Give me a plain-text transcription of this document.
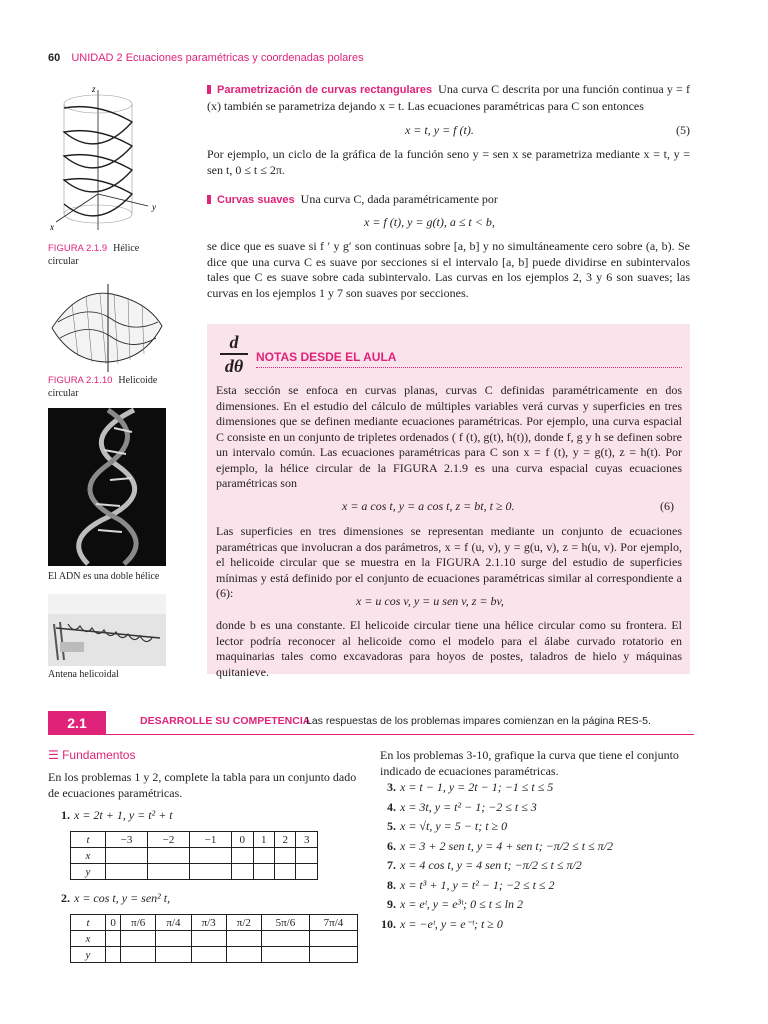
60 UNIDAD 2 Ecuaciones paramétricas y coordenadas polares
z
y
x
FIGURA 2.1.9 Hélice circular
FIGURA 2.1.10 Helicoide circular
El ADN es una doble hélice
Antena helicoidal

Parametrización de curvas rectangulares Una curva C descrita por una función continua y = f (x) también se parametriza dejando x = t. Las ecuaciones paramétricas para C son entonces

x = t, y = f (t).	(5)
Por ejemplo, un ciclo de la gráfica de la función seno y = sen x se parametriza mediante x = t, y = sen t, 0 ≤ t ≤ 2π.

Curvas suaves Una curva C, dada paramétricamente por

x = f (t), y = g(t), a ≤ t < b,
se dice que es suave si f ′ y g′ son continuas sobre [a, b] y no simultáneamente cero sobre (a, b). Se dice que una curva C es suave por secciones si el intervalo [a, b] puede dividirse en subintervalos tales que C es suave sobre cada subintervalo. Las curvas en los ejemplos 2, 3 y 6 son suaves; las curvas en los ejemplos 1 y 7 son suaves por secciones.
d
dθ	NOTAS DESDE EL AULA
Esta sección se enfoca en curvas planas, curvas C definidas paramétricamente en dos dimensiones. En el estudio del cálculo de múltiples variables verá curvas y superficies en tres dimensiones que se definen mediante ecuaciones paramétricas. Por ejemplo, una curva espacial C consiste en un conjunto de tripletes ordenados ( f (t), g(t), h(t)), donde f, g y h se definen sobre un intervalo común. Las ecuaciones paramétricas para C son x = f (t), y = g(t), z = h(t). Por ejemplo, la hélice circular de la FIGURA 2.1.9 es una curva espacial cuyas ecuaciones paramétricas son
x = a cos t, y = a cos t, z = bt, t ≥ 0.	(6)
Las superficies en tres dimensiones se representan mediante un conjunto de ecuaciones paramétricas que involucran a dos parámetros, x = f (u, v), y = g(u, v), z = h(u, v). Por ejemplo, el helicoide circular que se muestra en la FIGURA 2.1.10 surge del estudio de superficies mínimas y está definido por el conjunto de ecuaciones paramétricas similar al correspondiente a (6):
x = u cos v, y = u sen v, z = bv,
donde b es una constante. El helicoide circular tiene una hélice circular como su frontera. El lector podría reconocer al helicoide como el modelo para el álabe curvado rotatorio en maquinarias tales como excavadoras para hoyos de postes, taladros de hielo y máquinas quitanieve.
2.1	DESARROLLE SU COMPETENCIA
Las respuestas de los problemas impares comienzan en la página RES-5.
☰ Fundamentos
En los problemas 1 y 2, complete la tabla para un conjunto dado de ecuaciones paramétricas.
1. x = 2t + 1, y = t² + t
t	−3	−2	−1	0	1	2	3
x							
y							
2. x = cos t, y = sen² t,
t	0	π/6	π/4	π/3	π/2	5π/6	7π/4
x							
y							
En los problemas 3-10, grafique la curva que tiene el conjunto indicado de ecuaciones paramétricas.
3. x = t − 1, y = 2t − 1; −1 ≤ t ≤ 5
4. x = 3t, y = t² − 1; −2 ≤ t ≤ 3
5. x = √t, y = 5 − t; t ≥ 0
6. x = 3 + 2 sen t, y = 4 + sen t; −π/2 ≤ t ≤ π/2
7. x = 4 cos t, y = 4 sen t; −π/2 ≤ t ≤ π/2
8. x = t³ + 1, y = t² − 1; −2 ≤ t ≤ 2
9. x = eᵗ, y = e³ᵗ; 0 ≤ t ≤ ln 2
10. x = −eᵗ, y = e⁻ᵗ; t ≥ 0
